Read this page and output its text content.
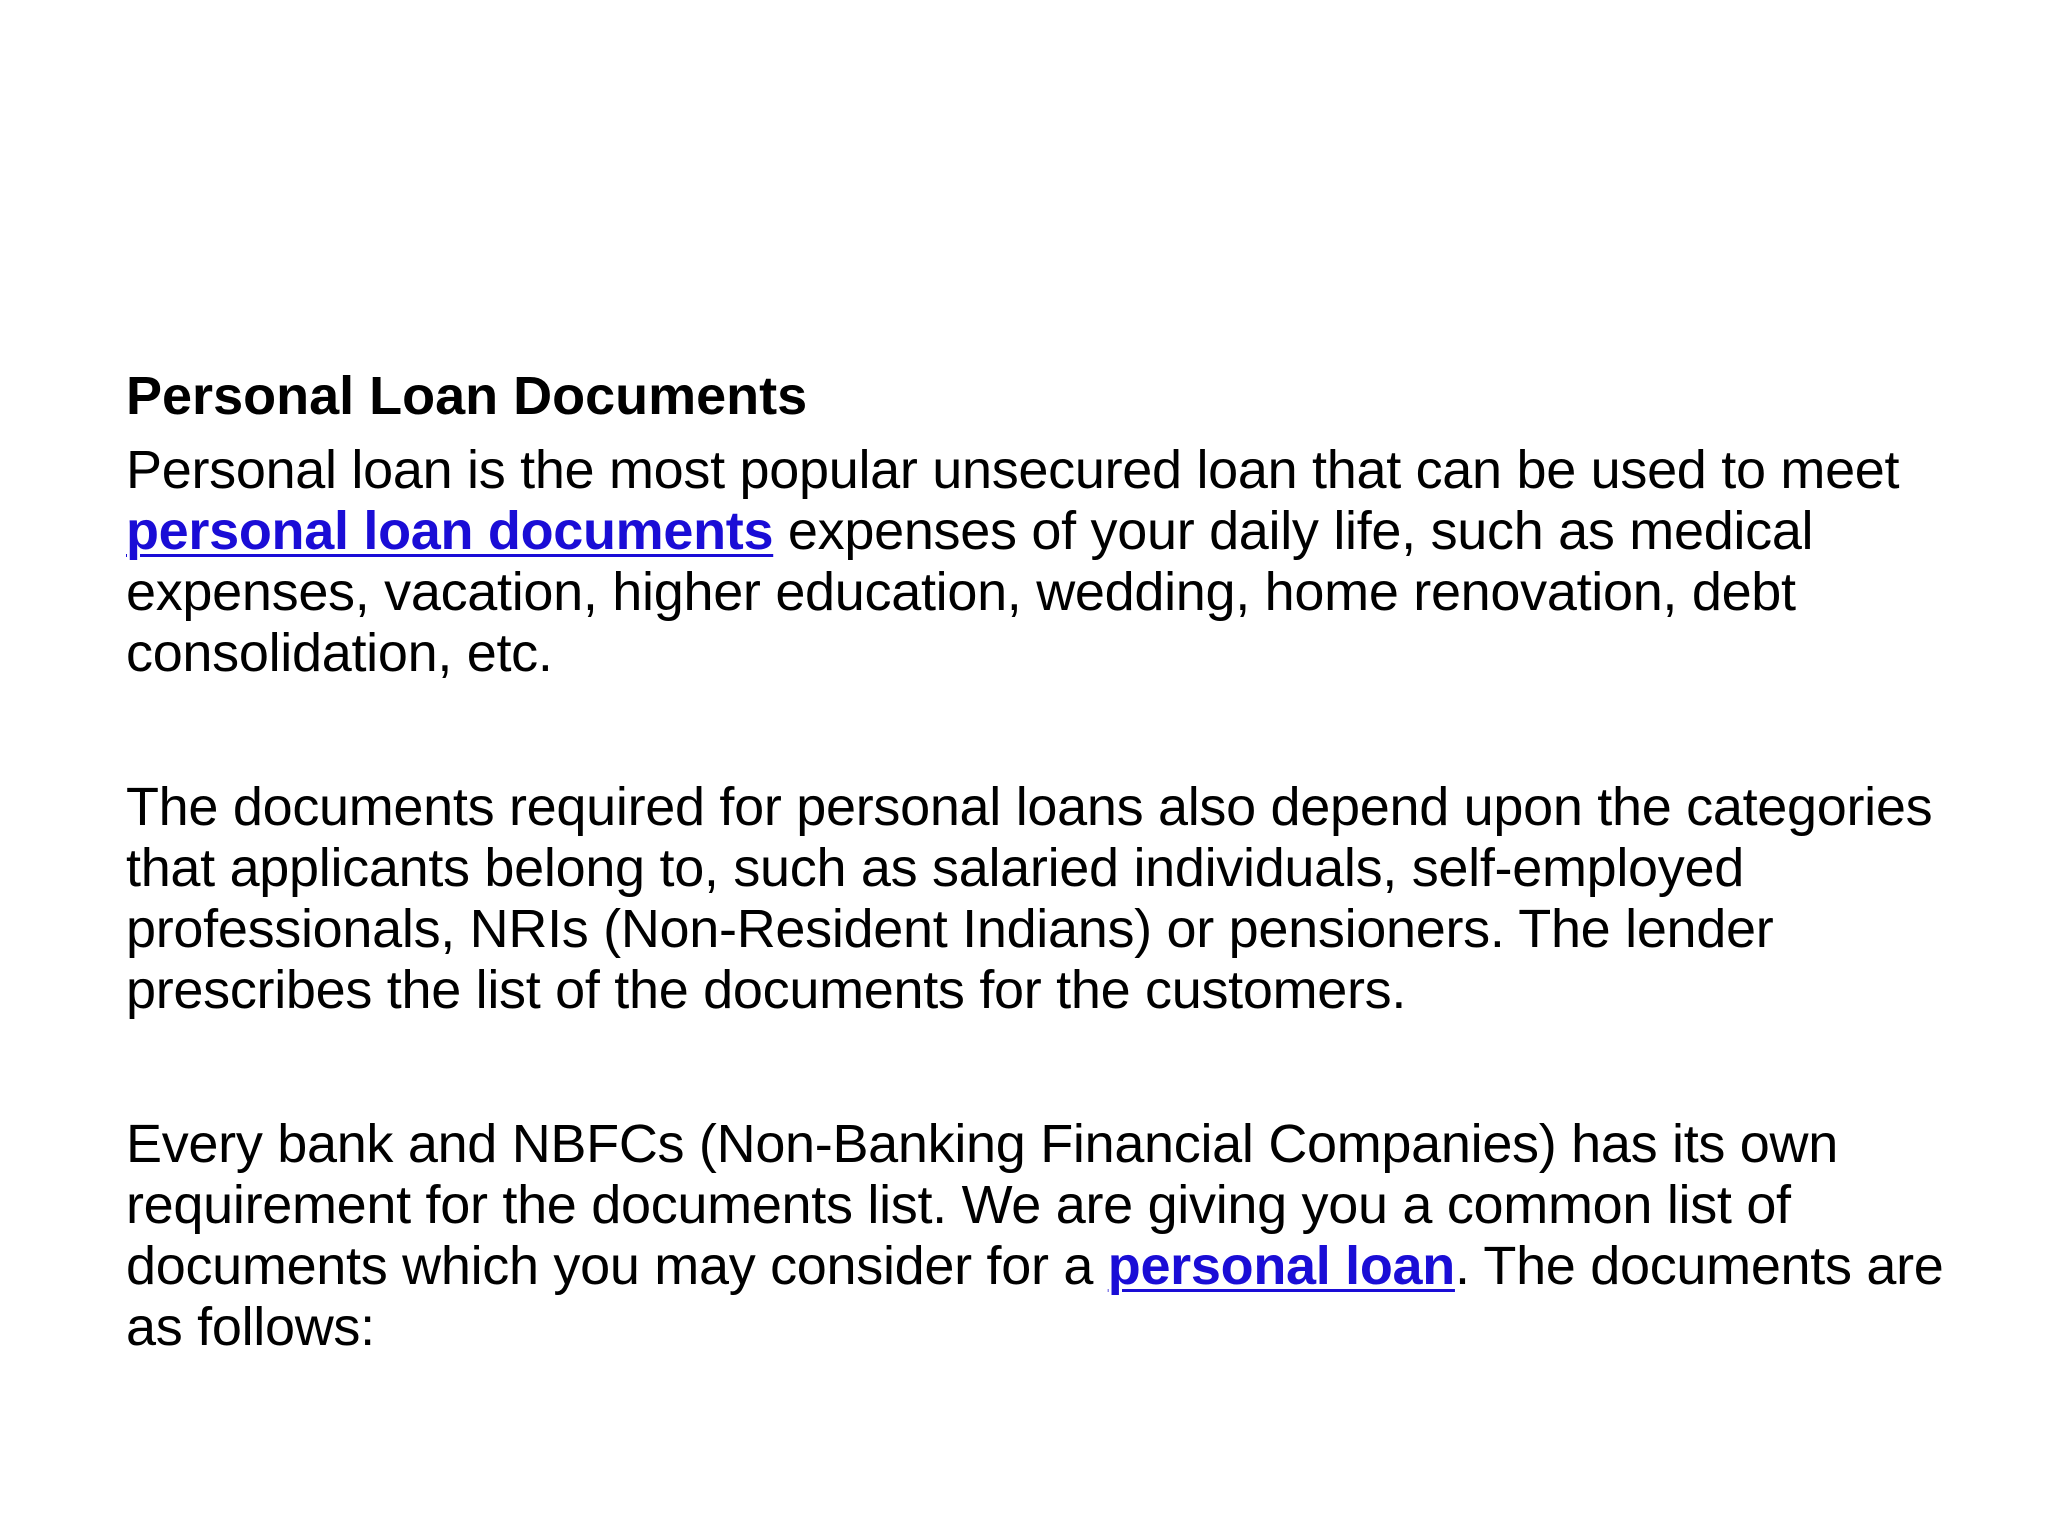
Personal Loan Documents

Personal loan is the most popular unsecured loan that can be used to meet personal loan documents expenses of your daily life, such as medical expenses, vacation, higher education, wedding, home renovation, debt consolidation, etc.

The documents required for personal loans also depend upon the categories that applicants belong to, such as salaried individuals, self-employed professionals, NRIs (Non-Resident Indians) or pensioners. The lender prescribes the list of the documents for the customers.

Every bank and NBFCs (Non-Banking Financial Companies) has its own requirement for the documents list. We are giving you a common list of documents which you may consider for a personal loan. The documents are as follows:
